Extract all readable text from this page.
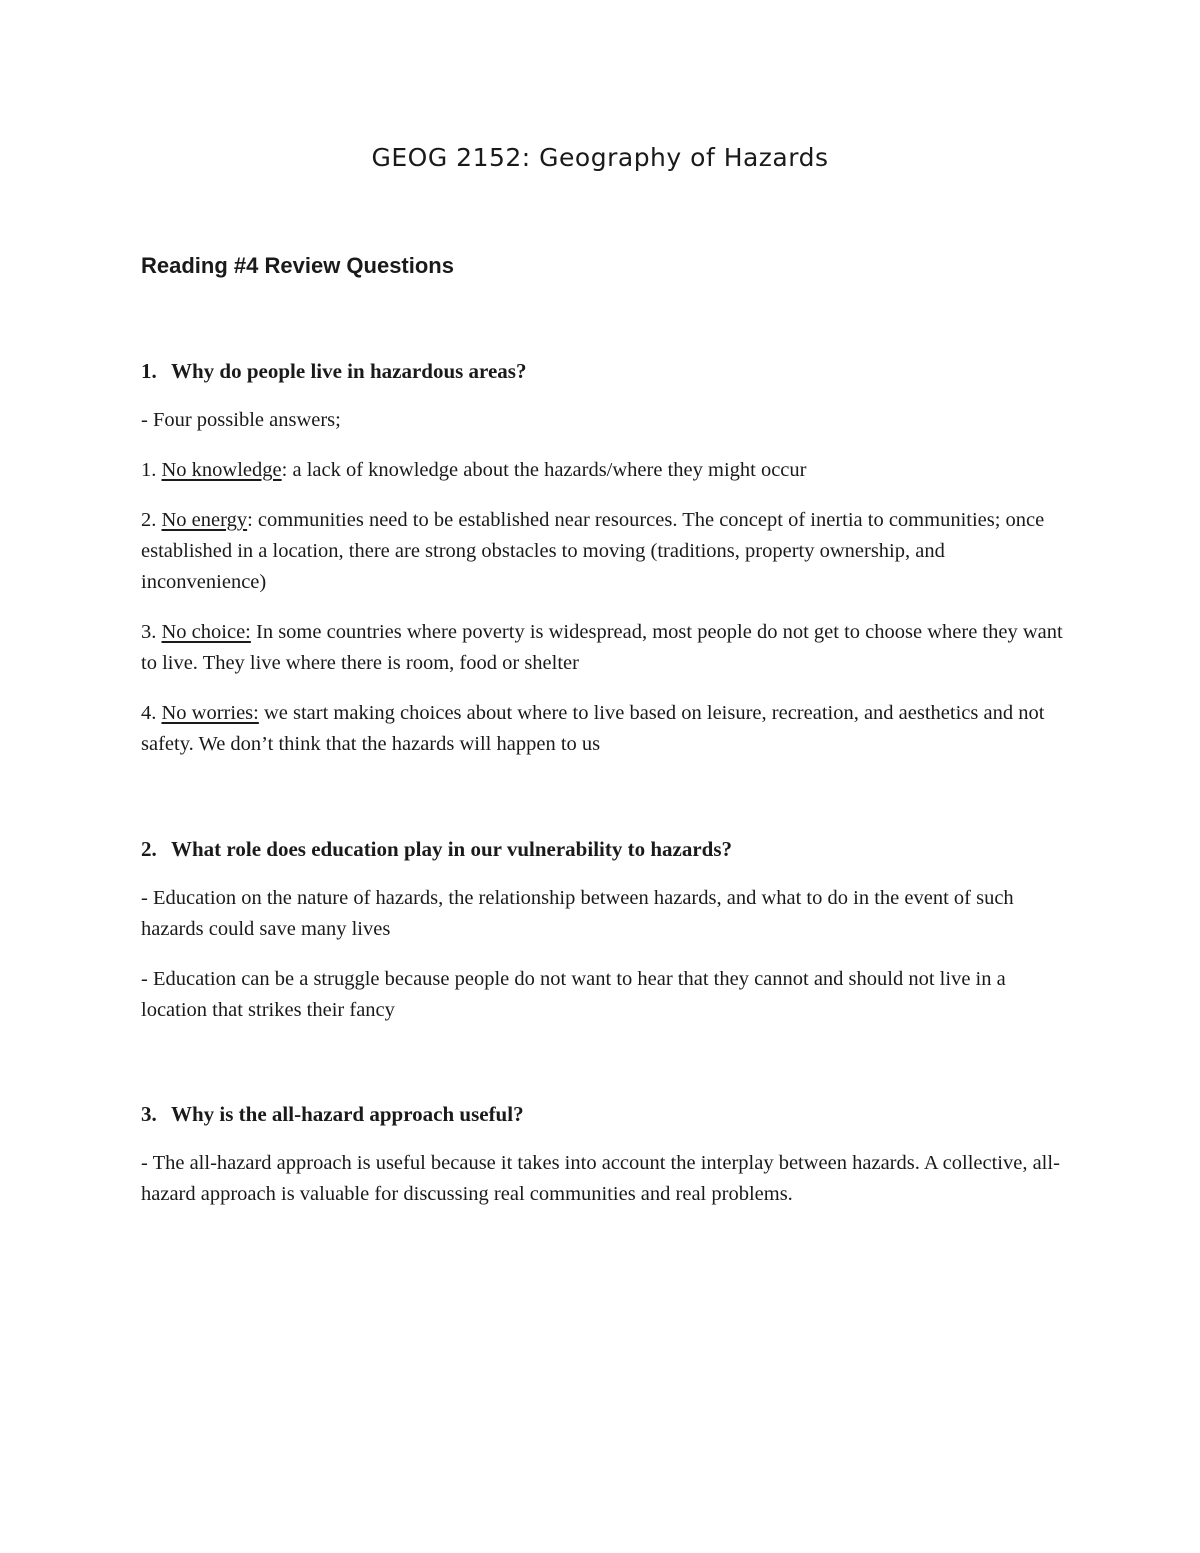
GEOG 2152: Geography of Hazards
Reading #4 Review Questions

1. Why do people live in hazardous areas?

- Four possible answers;

1. No knowledge: a lack of knowledge about the hazards/where they might occur

2. No energy: communities need to be established near resources. The concept of inertia to communities; once established in a location, there are strong obstacles to moving (traditions, property ownership, and inconvenience)

3. No choice: In some countries where poverty is widespread, most people do not get to choose where they want to live. They live where there is room, food or shelter

4. No worries: we start making choices about where to live based on leisure, recreation, and aesthetics and not safety. We don’t think that the hazards will happen to us

2. What role does education play in our vulnerability to hazards?

- Education on the nature of hazards, the relationship between hazards, and what to do in the event of such hazards could save many lives

- Education can be a struggle because people do not want to hear that they cannot and should not live in a location that strikes their fancy

3. Why is the all-hazard approach useful?

- The all-hazard approach is useful because it takes into account the interplay between hazards. A collective, all-hazard approach is valuable for discussing real communities and real problems.
